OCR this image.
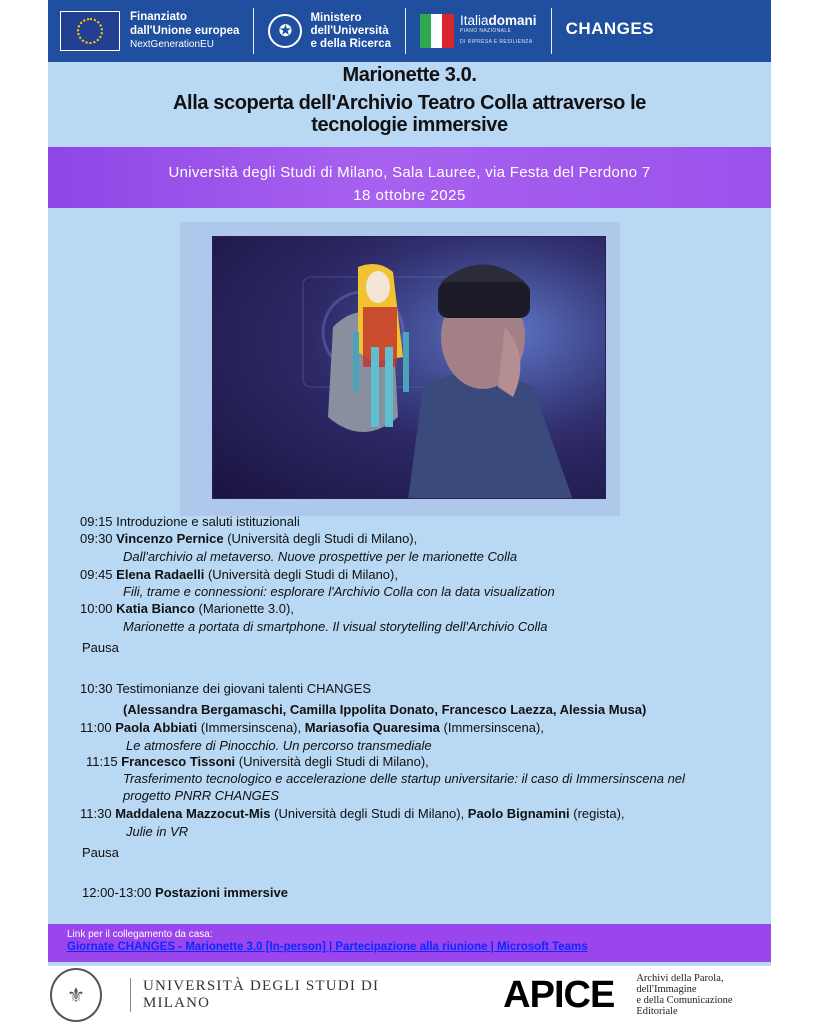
Finanziato
dall'Unione europea
NextGenerationEU
✪
Ministero
dell'Università
e della Ricerca
Italiadomani
PIANO NAZIONALE
DI RIPRESA E RESILIENZA
CHANGES

Marionette 3.0.
Alla scoperta dell'Archivio Teatro Colla attraverso le
tecnologie immersive
Università degli Studi di Milano, Sala Lauree, via Festa del Perdono 7
18 ottobre 2025
09:15 Introduzione e saluti istituzionali
09:30 Vincenzo Pernice (Università degli Studi di Milano),
Dall'archivio al metaverso. Nuove prospettive per le marionette Colla
09:45 Elena Radaelli (Università degli Studi di Milano),
Fili, trame e connessioni: esplorare l'Archivio Colla con la data visualization
10:00 Katia Bianco (Marionette 3.0),
Marionette a portata di smartphone. Il visual storytelling dell'Archivio Colla
Pausa
10:30 Testimonianze dei giovani talenti CHANGES
(Alessandra Bergamaschi, Camilla Ippolita Donato, Francesco Laezza, Alessia Musa)
11:00 Paola Abbiati (Immersinscena), Mariasofia Quaresima (Immersinscena),
Le atmosfere di Pinocchio. Un percorso transmediale
11:15 Francesco Tissoni (Università degli Studi di Milano),
Trasferimento tecnologico e accelerazione delle startup universitarie: il caso di Immersinscena nel
progetto PNRR CHANGES
11:30 Maddalena Mazzocut-Mis (Università degli Studi di Milano), Paolo Bignamini (regista),
Julie in VR
Pausa
12:00-13:00 Postazioni immersive
Link per il collegamento da casa:
Giornate CHANGES - Marionette 3.0 [In-person] | Partecipazione alla riunione | Microsoft Teams
⚜	UNIVERSITÀ DEGLI STUDI DI MILANO	APICE Archivi della Parola,
dell'Immagine
e della Comunicazione Editoriale
